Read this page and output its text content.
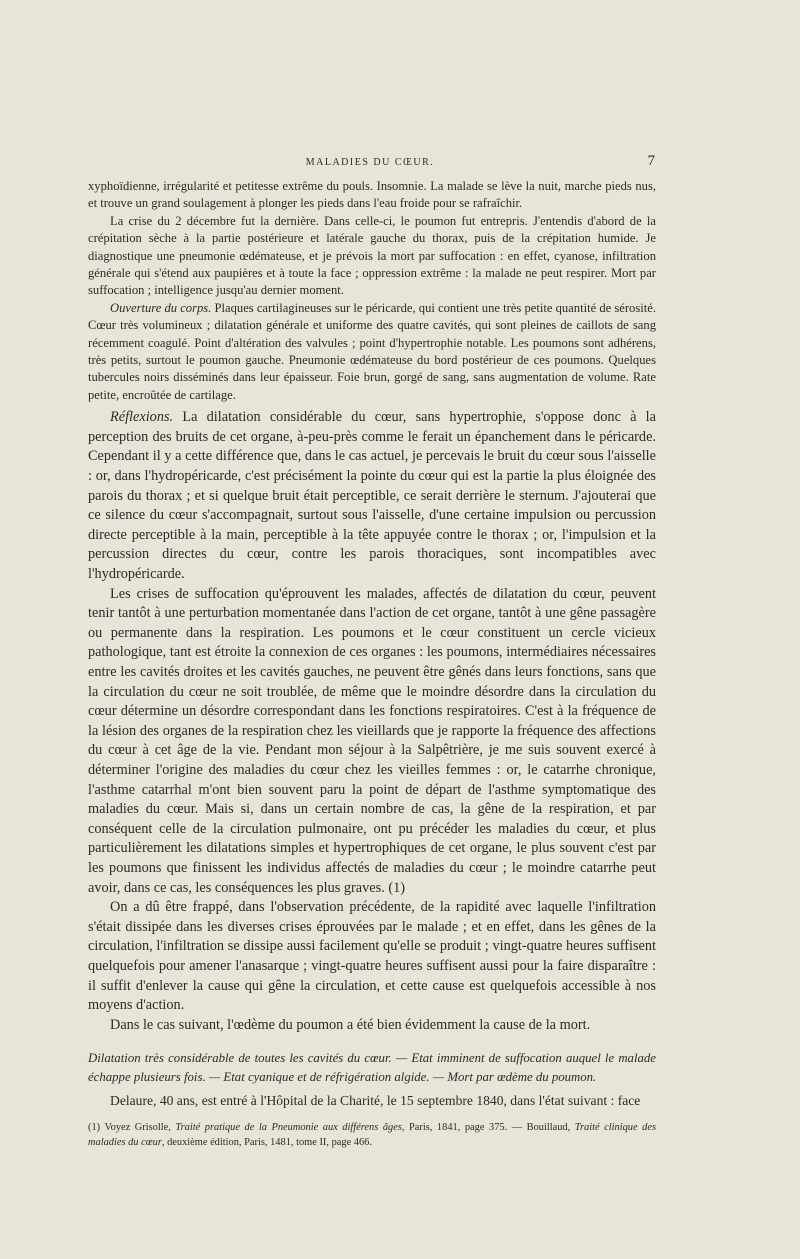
MALADIES DU CŒUR.	7

xyphoïdienne, irrégularité et petitesse extrême du pouls. Insomnie. La malade se lève la nuit, marche pieds nus, et trouve un grand soulagement à plonger les pieds dans l'eau froide pour se rafraîchir.

La crise du 2 décembre fut la dernière. Dans celle-ci, le poumon fut entrepris. J'entendis d'abord de la crépitation sèche à la partie postérieure et latérale gauche du thorax, puis de la crépitation humide. Je diagnostique une pneumonie œdémateuse, et je prévois la mort par suffocation : en effet, cyanose, infiltration générale qui s'étend aux paupières et à toute la face ; oppression extrême : la malade ne peut respirer. Mort par suffocation ; intelligence jusqu'au dernier moment.

Ouverture du corps. Plaques cartilagineuses sur le péricarde, qui contient une très petite quantité de sérosité. Cœur très volumineux ; dilatation générale et uniforme des quatre cavités, qui sont pleines de caillots de sang récemment coagulé. Point d'altération des valvules ; point d'hypertrophie notable. Les poumons sont adhérens, très petits, surtout le poumon gauche. Pneumonie œdémateuse du bord postérieur de ces poumons. Quelques tubercules noirs disséminés dans leur épaisseur. Foie brun, gorgé de sang, sans augmentation de volume. Rate petite, encroûtée de cartilage.

Réflexions. La dilatation considérable du cœur, sans hypertrophie, s'oppose donc à la perception des bruits de cet organe, à-peu-près comme le ferait un épanchement dans le péricarde. Cependant il y a cette différence que, dans le cas actuel, je percevais le bruit du cœur sous l'aisselle : or, dans l'hydropéricarde, c'est précisément la pointe du cœur qui est la partie la plus éloignée des parois du thorax ; et si quelque bruit était perceptible, ce serait derrière le sternum. J'ajouterai que ce silence du cœur s'accompagnait, surtout sous l'aisselle, d'une certaine impulsion ou percussion directe perceptible à la main, perceptible à la tête appuyée contre le thorax ; or, l'impulsion et la percussion directes du cœur, contre les parois thoraciques, sont incompatibles avec l'hydropéricarde.

Les crises de suffocation qu'éprouvent les malades, affectés de dilatation du cœur, peuvent tenir tantôt à une perturbation momentanée dans l'action de cet organe, tantôt à une gêne passagère ou permanente dans la respiration. Les poumons et le cœur constituent un cercle vicieux pathologique, tant est étroite la connexion de ces organes : les poumons, intermédiaires nécessaires entre les cavités droites et les cavités gauches, ne peuvent être gênés dans leurs fonctions, sans que la circulation du cœur ne soit troublée, de même que le moindre désordre dans la circulation du cœur détermine un désordre correspondant dans les fonctions respiratoires. C'est à la fréquence de la lésion des organes de la respiration chez les vieillards que je rapporte la fréquence des affections du cœur à cet âge de la vie. Pendant mon séjour à la Salpêtrière, je me suis souvent exercé à déterminer l'origine des maladies du cœur chez les vieilles femmes : or, le catarrhe chronique, l'asthme catarrhal m'ont bien souvent paru la point de départ de l'asthme symptomatique des maladies du cœur. Mais si, dans un certain nombre de cas, la gêne de la respiration, et par conséquent celle de la circulation pulmonaire, ont pu précéder les maladies du cœur, et plus particulièrement les dilatations simples et hypertrophiques de cet organe, le plus souvent c'est par les poumons que finissent les individus affectés de maladies du cœur ; le moindre catarrhe peut avoir, dans ce cas, les conséquences les plus graves. (1)

On a dû être frappé, dans l'observation précédente, de la rapidité avec laquelle l'infiltration s'était dissipée dans les diverses crises éprouvées par le malade ; et en effet, dans les gênes de la circulation, l'infiltration se dissipe aussi facilement qu'elle se produit ; vingt-quatre heures suffisent quelquefois pour amener l'anasarque ; vingt-quatre heures suffisent aussi pour la faire disparaître : il suffit d'enlever la cause qui gêne la circulation, et cette cause est quelquefois accessible à nos moyens d'action.

Dans le cas suivant, l'œdème du poumon a été bien évidemment la cause de la mort.

Dilatation très considérable de toutes les cavités du cœur. — Etat imminent de suffocation auquel le malade échappe plusieurs fois. — Etat cyanique et de réfrigération algide. — Mort par œdème du poumon.

Delaure, 40 ans, est entré à l'Hôpital de la Charité, le 15 septembre 1840, dans l'état suivant : face

(1) Voyez Grisolle, Traité pratique de la Pneumonie aux différens âges, Paris, 1841, page 375. — Bouillaud, Traité clinique des maladies du cœur, deuxième édition, Paris, 1481, tome II, page 466.
